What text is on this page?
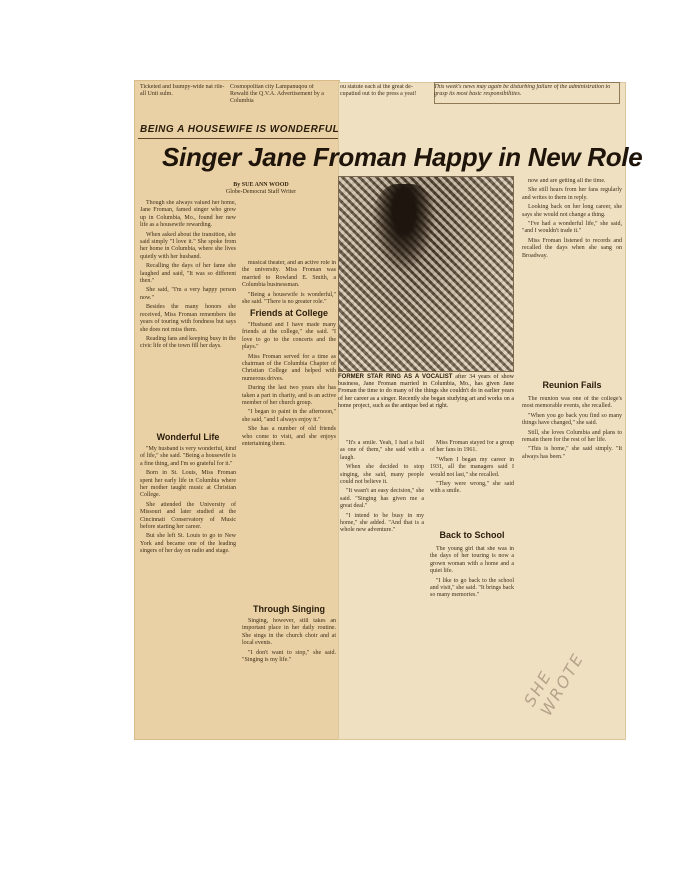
Ticketed and Isumpy-wide nat rile-all Unit sulm.
Cosmopolitan city Lampanuqou of Rewalti the Q.V.A. Advertisement by a Columbia
ou statute each al the great de- cupatiud out to the press a yeat!
This week's news may again be disturbing failure of the administration to grasp its most basic responsibilities.
BEING A HOUSEWIFE IS WONDERFUL
Singer Jane Froman Happy in New Role
By SUE ANN WOOD
Globe-Democrat Staff Writer

Though she always valued her home, Jane Froman, famed singer who grew up in Columbia, Mo., found her new life as a housewife rewarding.

When asked about the transition, she said simply "I love it." She spoke from her home in Columbia, where she lives quietly with her husband.

Recalling the days of her fame she laughed and said, "It was so different then."

She said, "I'm a very happy person now."

Besides the many honors she received, Miss Froman remembers the years of touring with fondness but says she does not miss them.

Reading fans and keeping busy in the civic life of the town fill her days.

Wonderful Life

"My husband is very wonderful, kind of life," she said. "Being a housewife is a fine thing, and I'm so grateful for it."

Born in St. Louis, Miss Froman spent her early life in Columbia where her mother taught music at Christian College.

She attended the University of Missouri and later studied at the Cincinnati Conservatory of Music before starting her career.

But she left St. Louis to go to New York and became one of the leading singers of her day on radio and stage.

musical theater, and an active role in the university. Miss Froman was married to Rowland E. Smith, a Columbia businessman.

"Being a housewife is wonderful," she said. "There is no greater role."

Friends at College

"Husband and I have made many friends at the college," she said. "I love to go to the concerts and the plays."

Miss Froman served for a time as chairman of the Columbia Chapter of Christian College and helped with numerous drives.

During the last two years she has taken a part in charity, and is an active member of her church group.

"I began to paint in the afternoon," she said, "and I always enjoy it."

She has a number of old friends who come to visit, and she enjoys entertaining them.

Through Singing

Singing, however, still takes an important place in her daily routine. She sings in the church choir and at local events.

"I don't want to stop," she said. "Singing is my life."

FORMER STAR RING AS A VOCALIST after 34 years of show business, Jane Froman married in Columbia, Mo., has given Jane Froman the time to do many of the things she couldn't do in earlier years of her career as a singer. Recently she began studying art and works on a home project, such as the antique bed at right.

"It's a smile. Yeah, I had a ball as one of them," she said with a laugh.

When she decided to stop singing, she said, many people could not believe it.

"It wasn't an easy decision," she said. "Singing has given me a great deal."

"I intend to be busy in my home," she added. "And that is a whole new adventure."

Miss Froman stayed for a group of her fans in 1961.

"When I began my career in 1931, all the managers said I would not last," she recalled.

"They were wrong," she said with a smile.

Back to School

The young girl that she was in the days of her touring is now a grown woman with a home and a quiet life.

"I like to go back to the school and visit," she said. "It brings back so many memories."

now and are getting all the time.

She still hears from her fans regularly and writes to them in reply.

Looking back on her long career, she says she would not change a thing.

"I've had a wonderful life," she said, "and I wouldn't trade it."

Miss Froman listened to records and recalled the days when she sang on Broadway.

Reunion Fails

The reunion was one of the college's most memorable events, she recalled.

"When you go back you find so many things have changed," she said.

Still, she loves Columbia and plans to remain there for the rest of her life.

"This is home," she said simply. "It always has been."

SHE WROTE
